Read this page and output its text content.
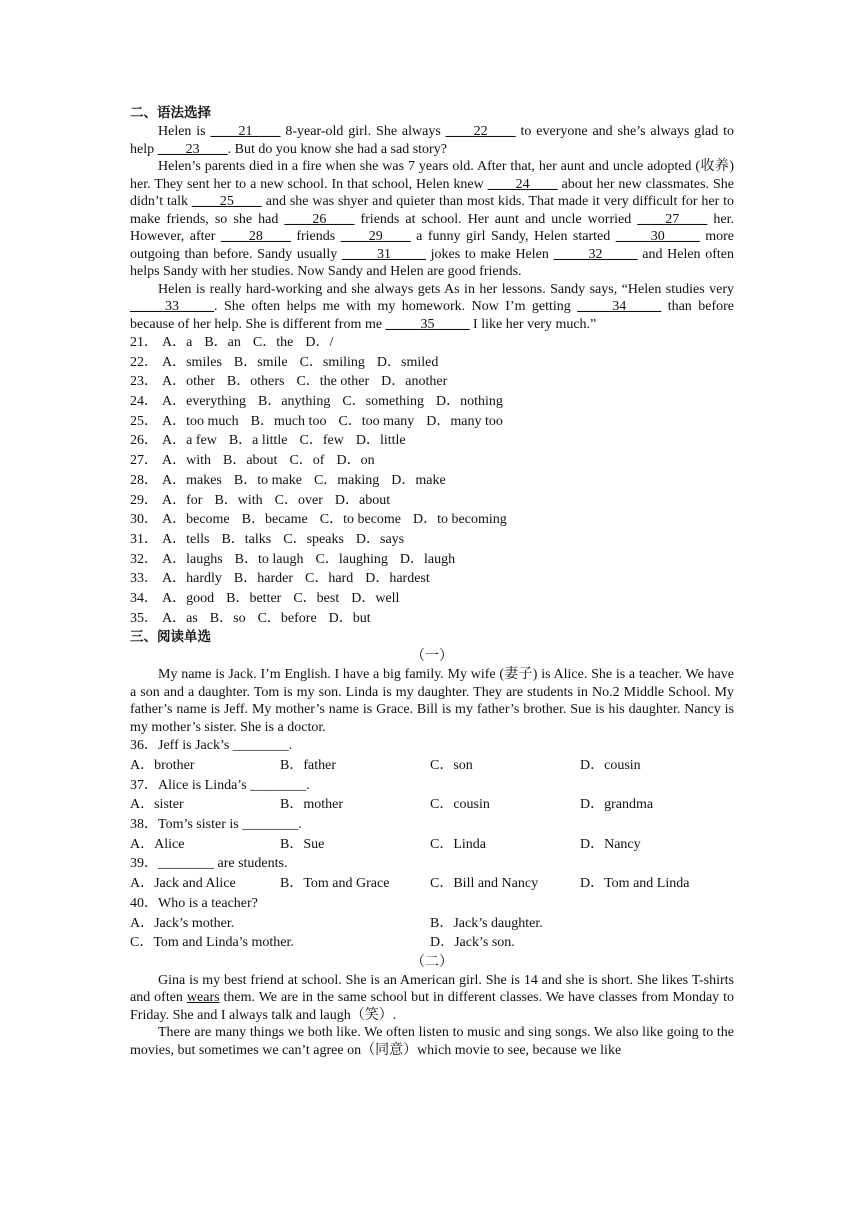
二、语法选择

Helen is ____21____ 8-year-old girl. She always ____22____ to everyone and she’s always glad to help ____23____. But do you know she had a sad story?

Helen’s parents died in a fire when she was 7 years old. After that, her aunt and uncle adopted (收养) her. They sent her to a new school. In that school, Helen knew ____24____ about her new classmates. She didn’t talk ____25____ and she was shyer and quieter than most kids. That made it very difficult for her to make friends, so she had ____26____ friends at school. Her aunt and uncle worried ____27____ her. However, after ____28____ friends ____29____ a funny girl Sandy, Helen started _____30_____ more outgoing than before. Sandy usually _____31_____ jokes to make Helen _____32_____ and Helen often helps Sandy with her studies. Now Sandy and Helen are good friends.

Helen is really hard-working and she always gets As in her lessons. Sandy says, “Helen studies very _____33_____. She often helps me with my homework. Now I’m getting _____34_____ than before because of her help. She is different from me _____35_____ I like her very much.”

21． A．a B．an C．the D．/
22． A．smiles B．smile C．smiling D．smiled
23． A．other B．others C．the other D．another
24． A．everything B．anything C．something D．nothing
25． A．too much B．much too C．too many D．many too
26． A．a few B．a little C．few D．little
27． A．with B．about C．of D．on
28． A．makes B．to make C．making D．make
29． A．for B．with C．over D．about
30． A．become B．became C．to become D．to becoming
31． A．tells B．talks C．speaks D．says
32． A．laughs B．to laugh C．laughing D．laugh
33． A．hardly B．harder C．hard D．hardest
34． A．good B．better C．best D．well
35． A．as B．so C．before D．but
三、阅读单选
（一）

My name is Jack. I’m English. I have a big family. My wife (妻子) is Alice. She is a teacher. We have a son and a daughter. Tom is my son. Linda is my daughter. They are students in No.2 Middle School. My father’s name is Jeff. My mother’s name is Grace. Bill is my father’s brother. Sue is his daughter. Nancy is my mother’s sister. She is a doctor.

36．Jeff is Jack’s ________.
A．brother	B．father	C．son	D．cousin
37．Alice is Linda’s ________.
A．sister	B．mother	C．cousin	D．grandma
38．Tom’s sister is ________.
A．Alice	B．Sue	C．Linda	D．Nancy
39．________ are students.
A．Jack and Alice	B．Tom and Grace	C．Bill and Nancy	D．Tom and Linda
40．Who is a teacher?
A．Jack’s mother.	B．Jack’s daughter.
C．Tom and Linda’s mother.	D．Jack’s son.
（二）

Gina is my best friend at school. She is an American girl. She is 14 and she is short. She likes T-shirts and often wears them. We are in the same school but in different classes. We have classes from Monday to Friday. She and I always talk and laugh（笑）.

There are many things we both like. We often listen to music and sing songs. We also like going to the movies, but sometimes we can’t agree on（同意）which movie to see, because we like
